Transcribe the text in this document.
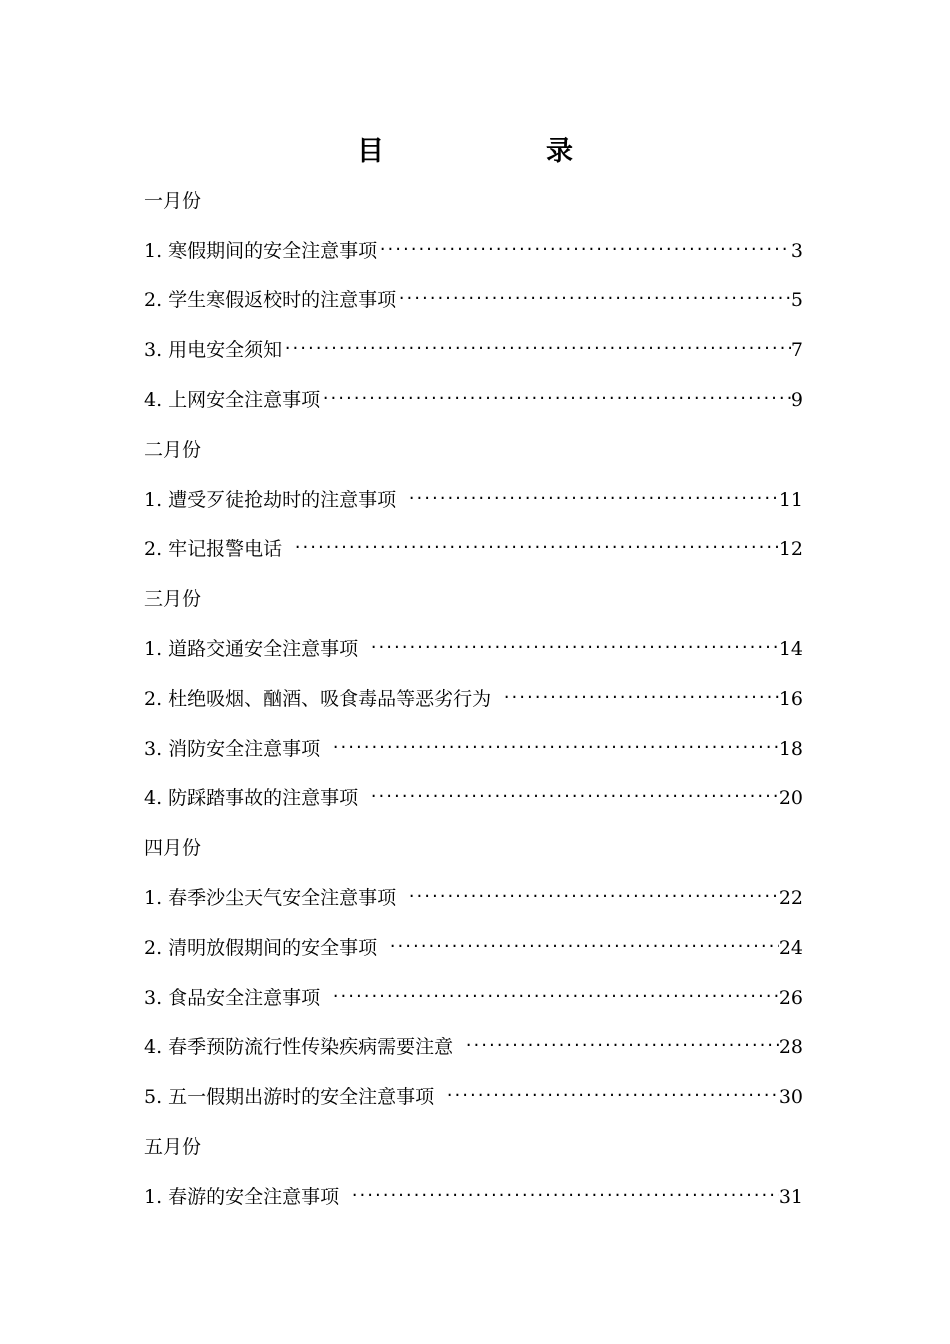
目　　录
一月份
1. 寒假期间的安全注意事项 ·····	3
2. 学生寒假返校时的注意事项 ·····	5
3. 用电安全须知 ·····	7
4. 上网安全注意事项 ·····	9
二月份
1. 遭受歹徒抢劫时的注意事项 ·····	11
2. 牢记报警电话 ·····	12
三月份
1. 道路交通安全注意事项 ·····	14
2. 杜绝吸烟、酗酒、吸食毒品等恶劣行为 ·····	16
3. 消防安全注意事项 ·····	18
4. 防踩踏事故的注意事项 ·····	20
四月份
1. 春季沙尘天气安全注意事项 ·····	22
2. 清明放假期间的安全事项 ·····	24
3. 食品安全注意事项 ·····	26
4. 春季预防流行性传染疾病需要注意 ·····	28
5. 五一假期出游时的安全注意事项 ·····	30
五月份
1. 春游的安全注意事项 ·····	31
